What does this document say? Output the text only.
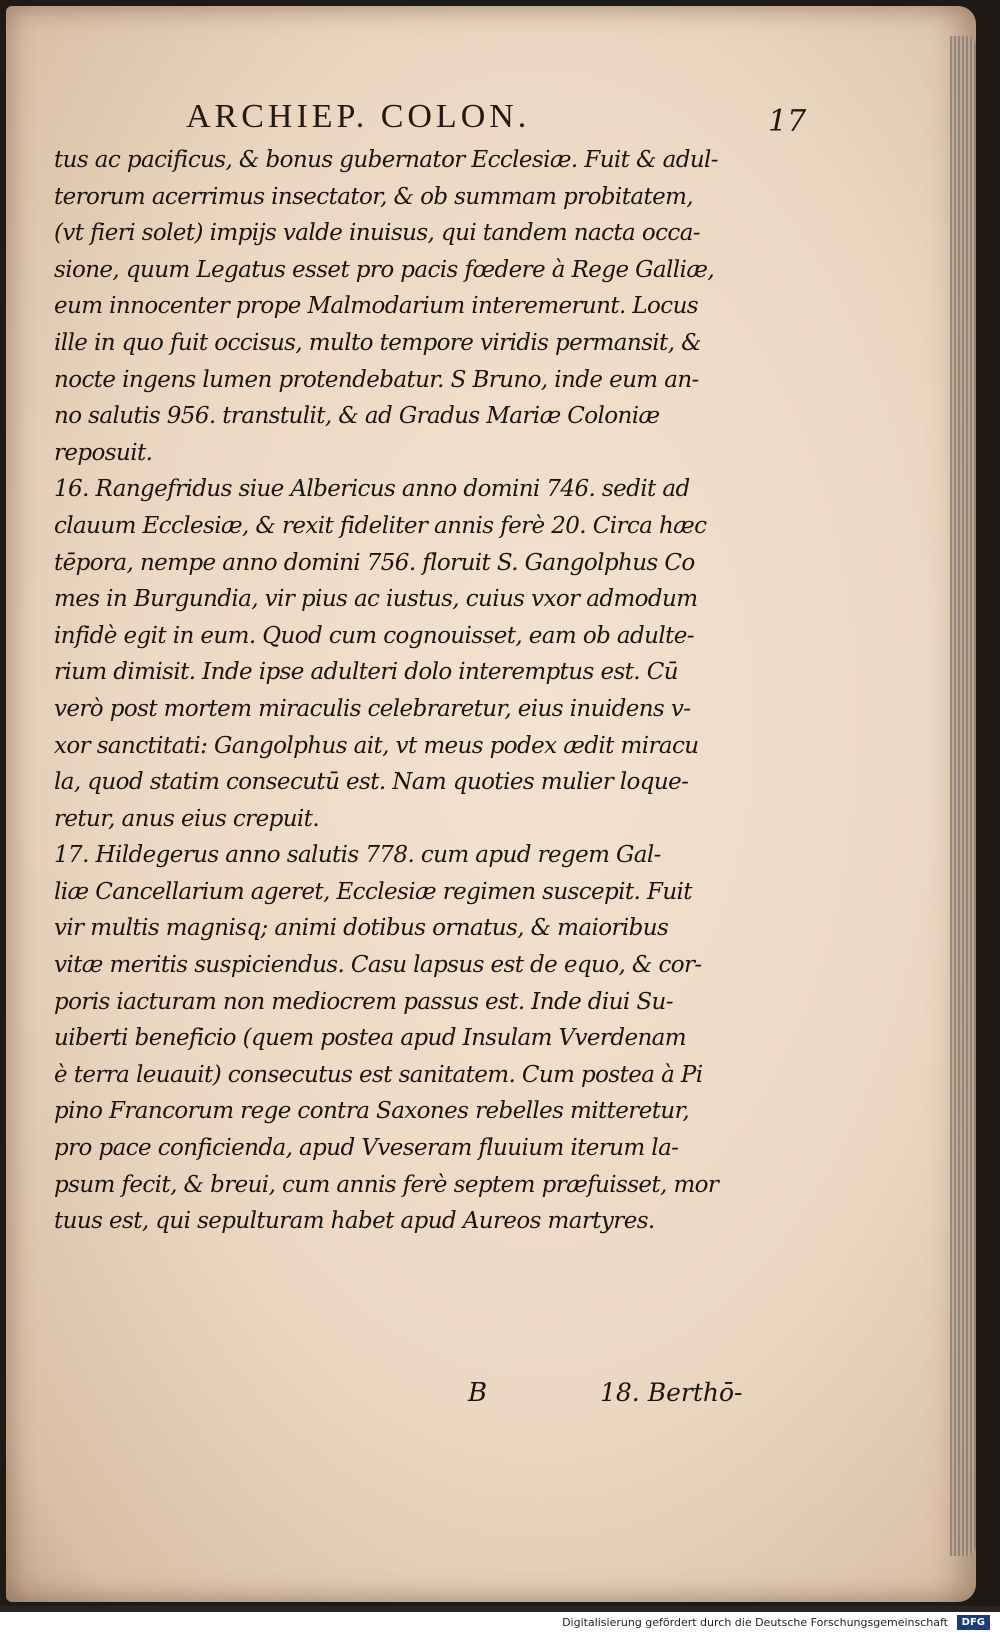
ARCHIEP. COLON.	17
tus ac pacificus, & bonus gubernator Ecclesiæ. Fuit & adul-
terorum acerrimus insectator, & ob summam probitatem,
(vt fieri solet) impijs valde inuisus, qui tandem nacta occa-
sione, quum Legatus esset pro pacis fœdere à Rege Galliæ,
eum innocenter prope Malmodarium interemerunt. Locus
ille in quo fuit occisus, multo tempore viridis permansit, &
nocte ingens lumen protendebatur. S Bruno, inde eum an-
no salutis 956. transtulit, & ad Gradus Mariæ Coloniæ
reposuit.
16. Rangefridus siue Albericus anno domini 746. sedit ad
clauum Ecclesiæ, & rexit fideliter annis ferè 20. Circa hæc
tēpora, nempe anno domini 756. floruit S. Gangolphus Co
mes in Burgundia, vir pius ac iustus, cuius vxor admodum
infidè egit in eum. Quod cum cognouisset, eam ob adulte-
rium dimisit. Inde ipse adulteri dolo interemptus est. Cū
verò post mortem miraculis celebraretur, eius inuidens v-
xor sanctitati: Gangolphus ait, vt meus podex ædit miracu
la, quod statim consecutū est. Nam quoties mulier loque-
retur, anus eius crepuit.
17. Hildegerus anno salutis 778. cum apud regem Gal-
liæ Cancellarium ageret, Ecclesiæ regimen suscepit. Fuit
vir multis magnisq; animi dotibus ornatus, & maioribus
vitæ meritis suspiciendus. Casu lapsus est de equo, & cor-
poris iacturam non mediocrem passus est. Inde diui Su-
uiberti beneficio (quem postea apud Insulam Vverdenam
è terra leuauit) consecutus est sanitatem. Cum postea à Pi
pino Francorum rege contra Saxones rebelles mitteretur,
pro pace conficienda, apud Vveseram fluuium iterum la-
psum fecit, & breui, cum annis ferè septem præfuisset, mor
tuus est, qui sepulturam habet apud Aureos martyres.
B	18. Berthō-
Digitalisierung gefördert durch die Deutsche Forschungsgemeinschaft	DFG
